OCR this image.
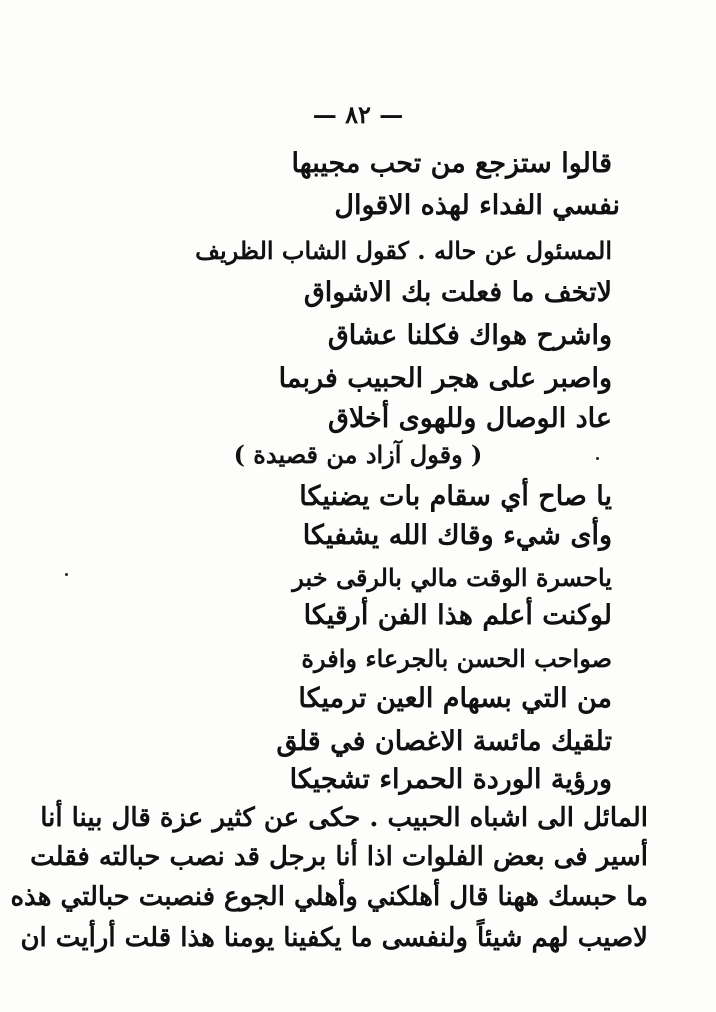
— ٨٢ —
قالوا ستزجع من تحب مجيبها
نفسي الفداء لهذه الاقوال
المسئول عن حاله . كقول الشاب الظريف
لاتخف ما فعلت بك الاشواق
واشرح هواك فكلنا عشاق
واصبر على هجر الحبيب فربما
عاد الوصال وللهوى أخلاق
( وقول آزاد من قصيدة )
يا صاح أي سقام بات يضنيكا
وأى شيء وقاك الله يشفيكا
ياحسرة الوقت مالي بالرقى خبر
لوكنت أعلم هذا الفن أرقيكا
صواحب الحسن بالجرعاء وافرة
من التي بسهام العين ترميكا
تلقيك مائسة الاغصان في قلق
ورؤية الوردة الحمراء تشجيكا
المائل الى اشباه الحبيب . حكى عن كثير عزة قال بينا أنا
أسير فى بعض الفلوات اذا أنا برجل قد نصب حبالته فقلت
ما حبسك ههنا قال أهلكني وأهلي الجوع فنصبت حبالتي هذه
لاصيب لهم شيئاً ولنفسى ما يكفينا يومنا هذا قلت أرأيت ان
